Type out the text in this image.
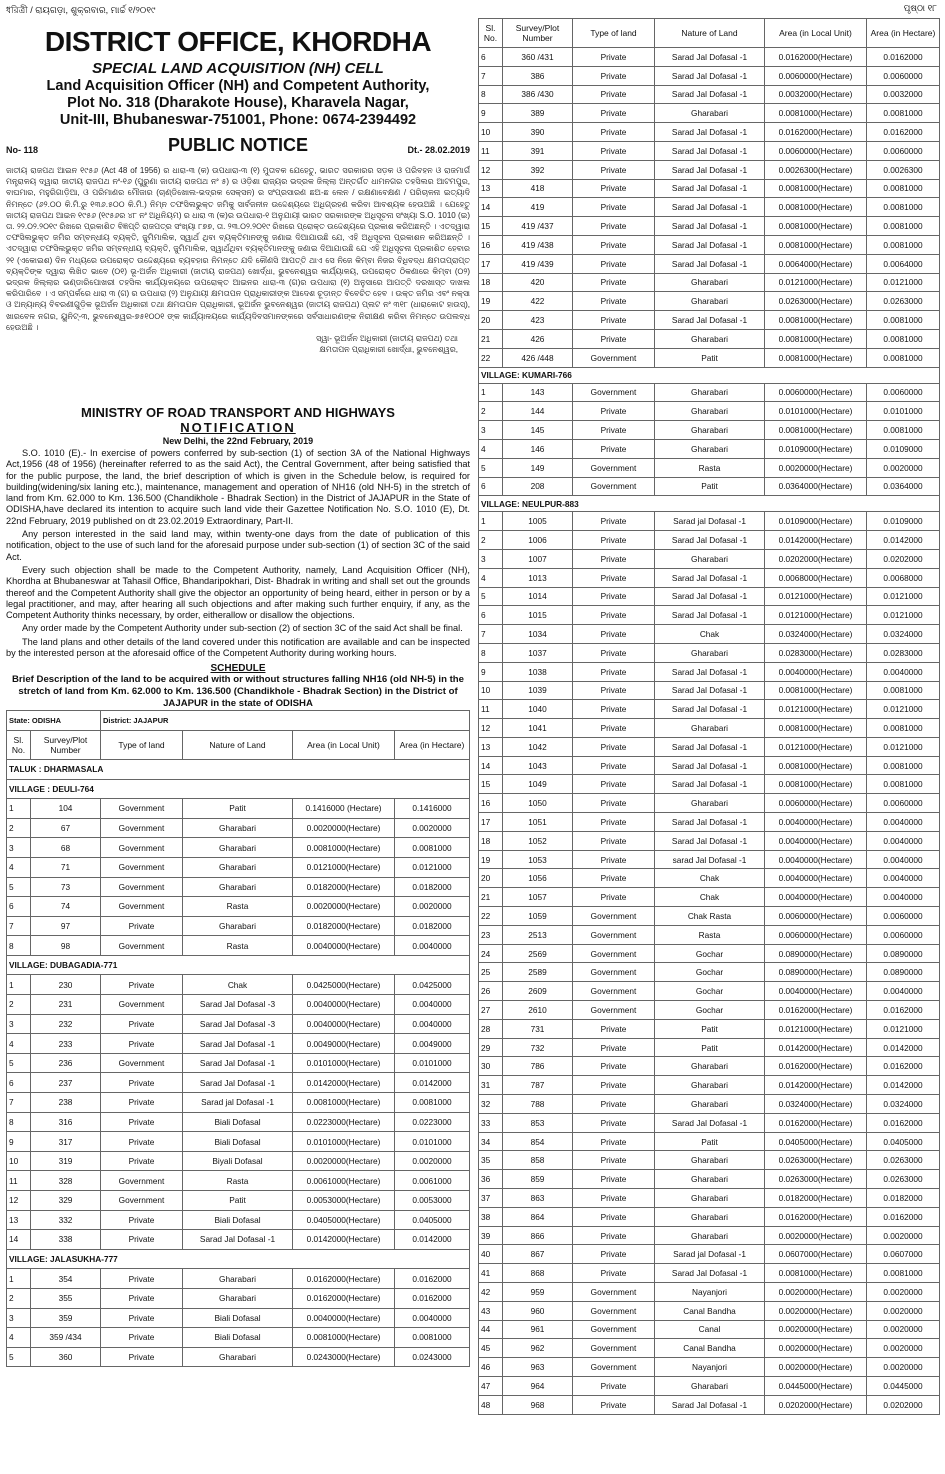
ধরিত্রী / ରାୟଗଡ଼ା, ଶୁକ୍ରବାର, ମାର୍ଚ୍ଚ ୧/୨୦୧୯	ପୃଷ୍ଠା ୧୮
DISTRICT OFFICE, KHORDHA
SPECIAL LAND ACQUISITION (NH) CELL
Land Acquisition Officer (NH) and Competent Authority,
Plot No. 318 (Dharakote House), Kharavela Nagar,
Unit-III, Bhubaneswar-751001, Phone: 0674-2394492
No- 118	PUBLIC NOTICE	Dt.- 28.02.2019
ଜାତୀୟ ରାଜପଥ ଆଇନ ୧୯୫୬ (Act 48 of 1956) ର ଧାରା-୩ (କ) ଉପଧାରା-୩ (୧) ମୁତାବକ ଯେହେତୁ, ଭାରତ ସରକାରର ସଡ଼କ ଓ ପରିବହନ ଓ ରାଜମାର୍ଗ ମନ୍ତ୍ରାଳୟ ଦ୍ୱାରା ଜାତୀୟ ରାଜପଥ ନଂ-୧୬ (ପୁରୁଣା ଜାତୀୟ ରାଜପଥ ନଂ ୫) ର ଓଡ଼ିଶା ରାଜ୍ୟର ଭଦ୍ରକ ଜିଲ୍ଲା ଅନ୍ତର୍ଗତ ଧାମନଗର ତହସିଲର ଆଟମପୁର, ବାଘମାର, ମହୁରିଗାଡ଼ିଆ, ଓ ପରିମାଣର ମୌଜାର (ଚାଣ୍ଡିଖୋଲ-ଭଦ୍ରକ ସେକ୍ସନ) ର ସଂପ୍ରସାରଣ ଛଅ-ଛ ଲେନ / ରକ୍ଷଣାବେକ୍ଷଣ / ପରିଚାଳନା ଇତ୍ୟାଦି ନିମନ୍ତେ (୬୨.୦୦ କି.ମି.ରୁ ୧୩୬.୫୦୦ କି.ମି.) ନିମ୍ନ ତଫସିଲଭୁକ୍ତ ଜମିକୁ ସାର୍ବଜନୀନ ଉଦ୍ଦେଶ୍ୟରେ ଅଧିଗ୍ରହଣ କରିବା ଆବଶ୍ୟକ ହେଉଅଛି । ଯେହେତୁ ଜାତୀୟ ରାଜପଥ ଆଇନ ୧୯୫୬ (୧୯୫୬ର ୪୮ ନଂ ଅଧିନିୟମ) ର ଧାରା ୩ (କ)ର ଉପଧାରା-୧ ଅନୁଯାୟୀ ଭାରତ ସରକାରଙ୍କ ଅଧିସୂଚନା ସଂଖ୍ୟା S.O. 1010 (ଇ) ତା. ୨୨.୦୨.୨୦୧୯ ରିଖରେ ପ୍ରକାଶିତ ବିଜ୍ଞପ୍ତି ରାଜପତ୍ର ସଂଖ୍ୟା ୮୭୭, ତା. ୨୩.୦୨.୨୦୧୯ ରିଖରେ ପ୍ରୋକ୍ତ ଉଦ୍ଦେଶ୍ୟରେ ପ୍ରକାଶ କରିଅଛନ୍ତି । ଏତଦ୍ୱାରା ତଫସିଲଭୁକ୍ତ ଜମିର ସମ୍ବନ୍ଧୀୟ ବ୍ୟକ୍ତି, ଜୁମିମାଲିକ, ସ୍ୱାର୍ଥ ଥିବା ବ୍ୟକ୍ତିମାନଙ୍କୁ ଜଣାଇ ଦିଆଯାଉଛି ଯେ, ଏହି ଅଧିସୂଚନା ପ୍ରକାଶନ କରିଅଛନ୍ତି । ଏତଦ୍ୱାରା ତଫସିଲଭୁକ୍ତ ଜମିର ସମ୍ବନ୍ଧୀୟ ବ୍ୟକ୍ତି, ଜୁମିମାଲିକ, ସ୍ୱାର୍ଥଥିବା ବ୍ୟକ୍ତିମାନଙ୍କୁ ଜଣାଇ ଦିଆଯାଉଛି ଯେ ଏହି ଅଧିସୂଚନା ପ୍ରକାଶିତ ହେବାର ୨୧ (ଏକୋଇଶ) ଦିନ ମଧ୍ୟରେ ଉପରୋକ୍ତ ଉଦ୍ଦେଶ୍ୟରେ ବ୍ୟବହାର ନିମନ୍ତେ ଯଦି କୌଣସି ଆପତ୍ତି ଥାଏ ସେ ନିଜେ କିମ୍ବା ନିଜର ବିଧିବଦ୍ଧ କ୍ଷମତାପ୍ରାପ୍ତ ବ୍ୟକ୍ତିଙ୍କ ଦ୍ୱାରା ଲିଖିତ ଭାବେ (୦୧) ଭୂ-ଅର୍ଜନ ଅଧିକାରୀ (ଜାତୀୟ ରାଜପଥ) ଖୋର୍ଦ୍ଧା, ଭୁବନେଶ୍ୱର କାର୍ଯ୍ୟାଳୟ, ଉପରୋକ୍ତ ଠିକଣାରେ କିମ୍ବା (୦୨) ଭଦ୍ରକ ଜିଲ୍ଲାର ଭଣ୍ଡାରିପୋଖରୀ ତହସିଲ କାର୍ଯ୍ୟାଳୟରେ ଉପରୋକ୍ତ ଆଇନର ଧାରା-୩ (ଗ)ର ଉପଧାରା (୧) ଅନୁସାରେ ଆପତ୍ତି ଦରଖାସ୍ତ ଦାଖଲ କରିପାରିବେ । ଏ ସମ୍ପର୍କରେ ଧାରା ୩ (ଗ) ର ଉପଧାରା (୨) ଅନୁଯାୟୀ କ୍ଷମତାପନ ପ୍ରାଧିକାରୀଙ୍କ ଆଦେଶ ଚୂଡ଼ାନ୍ତ ବିବେଚିତ ହେବ । ଉକ୍ତ ଜମିର ଏବଂ ନକ୍ସା ଓ ଅନ୍ୟାନ୍ୟ ବିବରଣୀଗୁଡ଼ିକ ଭୂଅର୍ଜନ ଅଧିକାରୀ ତଥା କ୍ଷମତାପନ ପ୍ରାଧିକାରୀ, ଭୂଅର୍ଜନ ଭୁବନେଶ୍ୱର (ଜାତୀୟ ରାଜପଥ) ପ୍ଲଟ ନଂ ୩୧୮ (ଧାରାକୋଟ ହାଉସ୍), ଖାରବେଳ ନଗର, ୟୁନିଟ୍-୩, ଭୁବନେଶ୍ୱର-୭୫୧୦୦୧ ଙ୍କ କାର୍ଯ୍ୟାଳୟରେ କାର୍ଯ୍ୟଦିବସମାନଙ୍କରେ ସର୍ବସାଧାରଣଙ୍କ ନିରୀକ୍ଷଣ କରିବା ନିମନ୍ତେ ଉପଲବ୍ଧ ହେଉଅଛି ।
ସ୍ୱା- ଭୂଅର୍ଜନ ଅଧିକାରୀ (ଜାତୀୟ ରାଜପଥ) ତଥା
କ୍ଷମତାପନ ପ୍ରାଧିକାରୀ ଖୋର୍ଦ୍ଧା, ଭୁବନେଶ୍ୱର,
MINISTRY OF ROAD TRANSPORT AND HIGHWAYS
NOTIFICATION
New Delhi, the 22nd February, 2019

S.O. 1010 (E).- In exercise of powers conferred by sub-section (1) of section 3A of the National Highways Act,1956 (48 of 1956) (hereinafter referred to as the said Act), the Central Government, after being satisfied that for the public purpose, the land, the brief description of which is given in the Schedule below, is required for building(widening/six laning etc.), maintenance, management and operation of NH16 (old NH-5) in the stretch of land from Km. 62.000 to Km. 136.500 (Chandikhole - Bhadrak Section) in the District of JAJAPUR in the State of ODISHA,have declared its intention to acquire such land vide their Gazettee Notification No. S.O. 1010 (E), Dt. 22nd February, 2019 published on dt 23.02.2019 Extraordinary, Part-II.

Any person interested in the said land may, within twenty-one days from the date of publication of this notification, object to the use of such land for the aforesaid purpose under sub-section (1) of section 3C of the said Act.

Every such objection shall be made to the Competent Authority, namely, Land Acquisition Officer (NH), Khordha at Bhubaneswar at Tahasil Office, Bhandaripokhari, Dist- Bhadrak in writing and shall set out the grounds thereof and the Competent Authority shall give the objector an opportunity of being heard, either in person or by a legal practitioner, and may, after hearing all such objections and after making such further enquiry, if any, as the Competent Authority thinks necessary, by order, eitherallow or disallow the objections.

Any order made by the Competent Authority under sub-section (2) of section 3C of the said Act shall be final.

The land plans and other details of the land covered under this notification are available and can be inspected by the interested person at the aforesaid office of the Competent Authority during working hours.

SCHEDULE
Brief Description of the land to be acquired with or without structures falling NH16 (old NH-5) in the stretch of land from Km. 62.000 to Km. 136.500 (Chandikhole - Bhadrak Section) in the District of JAJAPUR in the state of ODISHA
State: ODISHA		District: JAJAPUR			
Sl. No.	Survey/Plot Number	Type of land	Nature of Land	Area (in Local Unit)	Area (in Hectare)
TALUK : DHARMASALA					
VILLAGE : DEULI-764					
1	104	Government	Patit	0.1416000 (Hectare)	0.1416000
2	67	Government	Gharabari	0.0020000(Hectare)	0.0020000
3	68	Government	Gharabari	0.0081000(Hectare)	0.0081000
4	71	Government	Gharabari	0.0121000(Hectare)	0.0121000
5	73	Government	Gharabari	0.0182000(Hectare)	0.0182000
6	74	Government	Rasta	0.0020000(Hectare)	0.0020000
7	97	Private	Gharabari	0.0182000(Hectare)	0.0182000
8	98	Government	Rasta	0.0040000(Hectare)	0.0040000
VILLAGE: DUBAGADIA-771					
1	230	Private	Chak	0.0425000(Hectare)	0.0425000
2	231	Government	Sarad Jal Dofasal -3	0.0040000(Hectare)	0.0040000
3	232	Private	Sarad Jal Dofasal -3	0.0040000(Hectare)	0.0040000
4	233	Private	Sarad Jal Dofasal -1	0.0049000(Hectare)	0.0049000
5	236	Government	Sarad Jal Dofasal -1	0.0101000(Hectare)	0.0101000
6	237	Private	Sarad Jal Dofasal -1	0.0142000(Hectare)	0.0142000
7	238	Private	Sarad jal Dofasal -1	0.0081000(Hectare)	0.0081000
8	316	Private	Biali Dofasal	0.0223000(Hectare)	0.0223000
9	317	Private	Biali Dofasal	0.0101000(Hectare)	0.0101000
10	319	Private	Biyali Dofasal	0.0020000(Hectare)	0.0020000
11	328	Government	Rasta	0.0061000(Hectare)	0.0061000
12	329	Government	Patit	0.0053000(Hectare)	0.0053000
13	332	Private	Biali Dofasal	0.0405000(Hectare)	0.0405000
14	338	Private	Sarad Jal Dofasal -1	0.0142000(Hectare)	0.0142000
VILLAGE: JALASUKHA-777					
1	354	Private	Gharabari	0.0162000(Hectare)	0.0162000
2	355	Private	Gharabari	0.0162000(Hectare)	0.0162000
3	359	Private	Biali Dofasal	0.0040000(Hectare)	0.0040000
4	359 /434	Private	Biali Dofasal	0.0081000(Hectare)	0.0081000
5	360	Private	Gharabari	0.0243000(Hectare)	0.0243000
Sl. No.	Survey/Plot Number	Type of land	Nature of Land	Area (in Local Unit)	Area (in Hectare)
6	360 /431	Private	Sarad Jal Dofasal -1	0.0162000(Hectare)	0.0162000
7	386	Private	Sarad Jal Dofasal -1	0.0060000(Hectare)	0.0060000
8	386 /430	Private	Sarad Jal Dofasal -1	0.0032000(Hectare)	0.0032000
9	389	Private	Gharabari	0.0081000(Hectare)	0.0081000
10	390	Private	Sarad Jal Dofasal -1	0.0162000(Hectare)	0.0162000
11	391	Private	Sarad Jal Dofasal -1	0.0060000(Hectare)	0.0060000
12	392	Private	Sarad Jal Dofasal -1	0.0026300(Hectare)	0.0026300
13	418	Private	Sarad Jal Dofasal -1	0.0081000(Hectare)	0.0081000
14	419	Private	Sarad Jal Dofasal -1	0.0081000(Hectare)	0.0081000
15	419 /437	Private	Sarad Jal Dofasal -1	0.0081000(Hectare)	0.0081000
16	419 /438	Private	Sarad Jal Dofasal -1	0.0081000(Hectare)	0.0081000
17	419 /439	Private	Sarad Jal Dofasal -1	0.0064000(Hectare)	0.0064000
18	420	Private	Gharabari	0.0121000(Hectare)	0.0121000
19	422	Private	Gharabari	0.0263000(Hectare)	0.0263000
20	423	Private	Sarad Jal Dofasal -1	0.0081000(Hectare)	0.0081000
21	426	Private	Gharabari	0.0081000(Hectare)	0.0081000
22	426 /448	Government	Patit	0.0081000(Hectare)	0.0081000
VILLAGE: KUMARI-766					
1	143	Government	Gharabari	0.0060000(Hectare)	0.0060000
2	144	Private	Gharabari	0.0101000(Hectare)	0.0101000
3	145	Private	Gharabari	0.0081000(Hectare)	0.0081000
4	146	Private	Gharabari	0.0109000(Hectare)	0.0109000
5	149	Government	Rasta	0.0020000(Hectare)	0.0020000
6	208	Government	Patit	0.0364000(Hectare)	0.0364000
VILLAGE: NEULPUR-883					
1	1005	Private	Sarad jal Dofasal -1	0.0109000(Hectare)	0.0109000
2	1006	Private	Sarad Jal Dofasal -1	0.0142000(Hectare)	0.0142000
3	1007	Private	Gharabari	0.0202000(Hectare)	0.0202000
4	1013	Private	Sarad Jal Dofasal -1	0.0068000(Hectare)	0.0068000
5	1014	Private	Sarad Jal Dofasal -1	0.0121000(Hectare)	0.0121000
6	1015	Private	Sarad Jal Dofasal -1	0.0121000(Hectare)	0.0121000
7	1034	Private	Chak	0.0324000(Hectare)	0.0324000
8	1037	Private	Gharabari	0.0283000(Hectare)	0.0283000
9	1038	Private	Sarad Jal Dofasal -1	0.0040000(Hectare)	0.0040000
10	1039	Private	Sarad Jal Dofasal -1	0.0081000(Hectare)	0.0081000
11	1040	Private	Sarad Jal Dofasal -1	0.0121000(Hectare)	0.0121000
12	1041	Private	Gharabari	0.0081000(Hectare)	0.0081000
13	1042	Private	Sarad Jal Dofasal -1	0.0121000(Hectare)	0.0121000
14	1043	Private	Sarad Jal Dofasal -1	0.0081000(Hectare)	0.0081000
15	1049	Private	Sarad Jal Dofasal -1	0.0081000(Hectare)	0.0081000
16	1050	Private	Gharabari	0.0060000(Hectare)	0.0060000
17	1051	Private	Sarad Jal Dofasal -1	0.0040000(Hectare)	0.0040000
18	1052	Private	Sarad Jal Dofasal -1	0.0040000(Hectare)	0.0040000
19	1053	Private	sarad Jal Dofasal -1	0.0040000(Hectare)	0.0040000
20	1056	Private	Chak	0.0040000(Hectare)	0.0040000
21	1057	Private	Chak	0.0040000(Hectare)	0.0040000
22	1059	Government	Chak Rasta	0.0060000(Hectare)	0.0060000
23	2513	Government	Rasta	0.0060000(Hectare)	0.0060000
24	2569	Government	Gochar	0.0890000(Hectare)	0.0890000
25	2589	Government	Gochar	0.0890000(Hectare)	0.0890000
26	2609	Government	Gochar	0.0040000(Hectare)	0.0040000
27	2610	Government	Gochar	0.0162000(Hectare)	0.0162000
28	731	Private	Patit	0.0121000(Hectare)	0.0121000
29	732	Private	Patit	0.0142000(Hectare)	0.0142000
30	786	Private	Gharabari	0.0162000(Hectare)	0.0162000
31	787	Private	Gharabari	0.0142000(Hectare)	0.0142000
32	788	Private	Gharabari	0.0324000(Hectare)	0.0324000
33	853	Private	Sarad Jal Dofasal -1	0.0162000(Hectare)	0.0162000
34	854	Private	Patit	0.0405000(Hectare)	0.0405000
35	858	Private	Gharabari	0.0263000(Hectare)	0.0263000
36	859	Private	Gharabari	0.0263000(Hectare)	0.0263000
37	863	Private	Gharabari	0.0182000(Hectare)	0.0182000
38	864	Private	Gharabari	0.0162000(Hectare)	0.0162000
39	866	Private	Gharabari	0.0020000(Hectare)	0.0020000
40	867	Private	Sarad jal Dofasal -1	0.0607000(Hectare)	0.0607000
41	868	Private	Sarad Jal Dofasal -1	0.0081000(Hectare)	0.0081000
42	959	Government	Nayanjori	0.0020000(Hectare)	0.0020000
43	960	Government	Canal Bandha	0.0020000(Hectare)	0.0020000
44	961	Government	Canal	0.0020000(Hectare)	0.0020000
45	962	Government	Canal Bandha	0.0020000(Hectare)	0.0020000
46	963	Government	Nayanjori	0.0020000(Hectare)	0.0020000
47	964	Private	Gharabari	0.0445000(Hectare)	0.0445000
48	968	Private	Sarad Jal Dofasal -1	0.0202000(Hectare)	0.0202000
